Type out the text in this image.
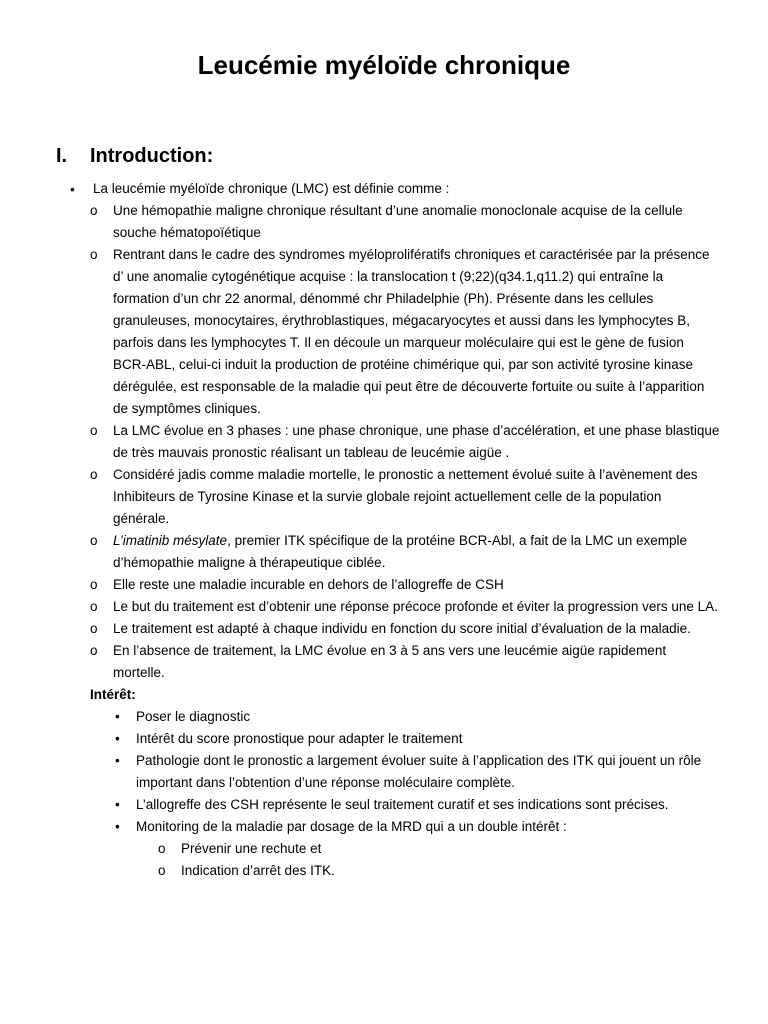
Leucémie myéloïde chronique
I. Introduction:
• La leucémie myéloïde chronique (LMC) est définie comme :
o Une hémopathie maligne chronique résultant d’une anomalie monoclonale acquise de la cellule souche hématopoïétique
o Rentrant dans le cadre des syndromes myéloprolifératifs chroniques et caractérisée par la présence d’ une anomalie cytogénétique acquise : la translocation t (9;22)(q34.1,q11.2) qui entraîne la formation d’un chr 22 anormal, dénommé chr Philadelphie (Ph). Présente dans les cellules granuleuses, monocytaires, érythroblastiques, mégacaryocytes et aussi dans les lymphocytes B, parfois dans les lymphocytes T. Il en découle un marqueur moléculaire qui est le gène de fusion BCR-ABL, celui-ci induit la production de protéine chimérique qui, par son activité tyrosine kinase dérégulée, est responsable de la maladie qui peut être de découverte fortuite ou suite à l’apparition de symptômes cliniques.
o La LMC évolue en 3 phases : une phase chronique, une phase d’accélération, et une phase blastique de très mauvais pronostic réalisant un tableau de leucémie aigüe .
o Considéré jadis comme maladie mortelle, le pronostic a nettement évolué suite à l’avènement des Inhibiteurs de Tyrosine Kinase et la survie globale rejoint actuellement celle de la population générale.
o L’imatinib mésylate, premier ITK spécifique de la protéine BCR-Abl, a fait de la LMC un exemple d’hémopathie maligne à thérapeutique ciblée.
o Elle reste une maladie incurable en dehors de l’allogreffe de CSH
o Le but du traitement est d’obtenir une réponse précoce profonde et éviter la progression vers une LA.
o Le traitement est adapté à chaque individu en fonction du score initial d’évaluation de la maladie.
o En l’absence de traitement, la LMC évolue en 3 à 5 ans vers une leucémie aigüe rapidement mortelle.
Intérêt:
• Poser le diagnostic
• Intérêt du score pronostique pour adapter le traitement
• Pathologie dont le pronostic a largement évoluer suite à l’application des ITK qui jouent un rôle important dans l’obtention d’une réponse moléculaire complète.
• L’allogreffe des CSH représente le seul traitement curatif et ses indications sont précises.
• Monitoring de la maladie par dosage de la MRD qui a un double intérêt :
o Prévenir une rechute et
o Indication d’arrêt des ITK.
